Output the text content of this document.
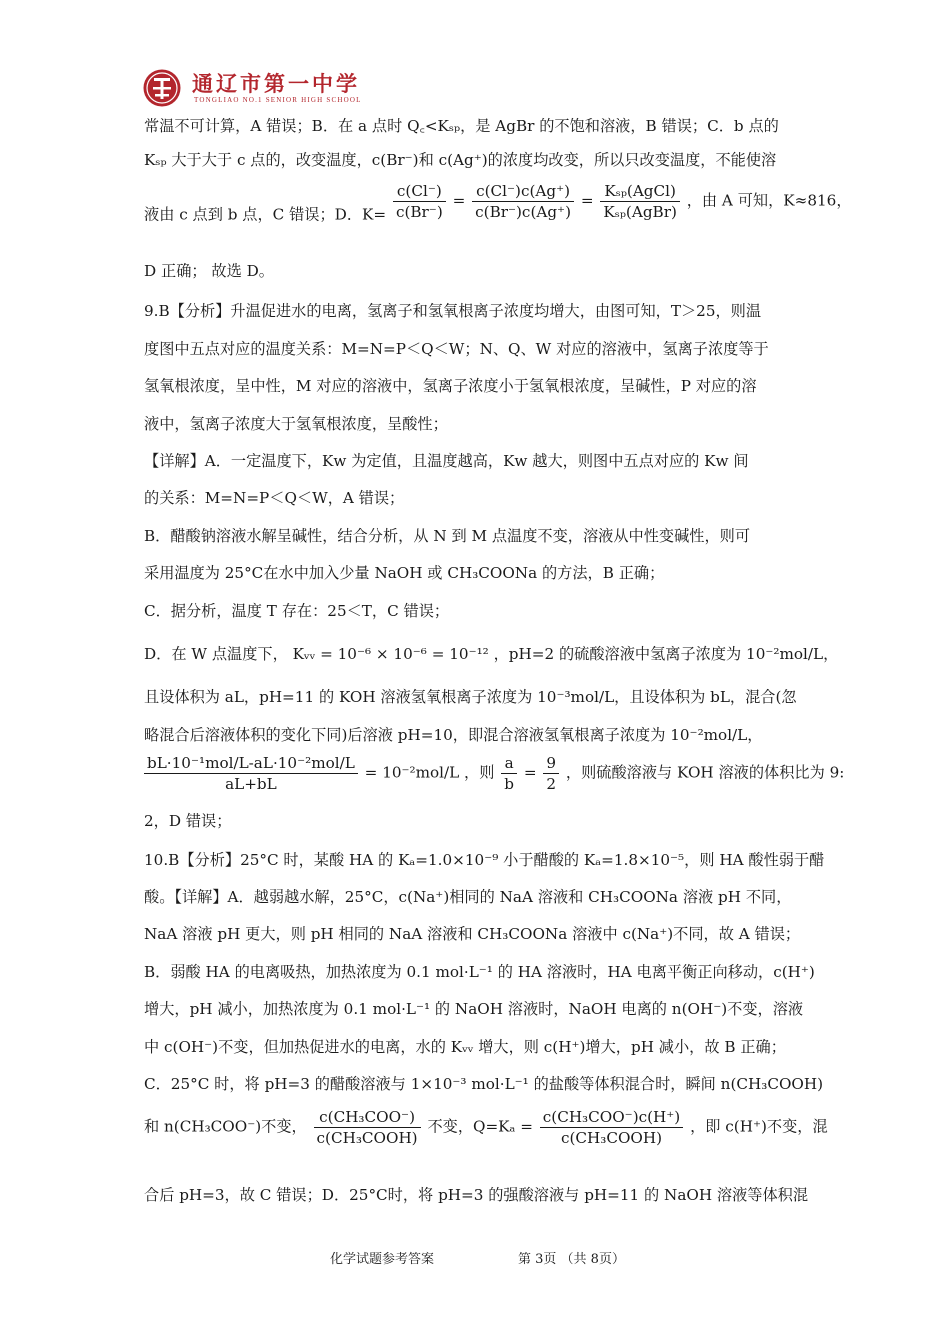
通辽市第一中学
TONGLIAO NO.1 SENIOR HIGH SCHOOL
常温不可计算，A 错误；B．在 a 点时 Q꜀<Kₛₚ，是 AgBr 的不饱和溶液，B 错误；C．b 点的
Kₛₚ 大于大于 c 点的，改变温度，c(Br⁻)和 c(Ag⁺)的浓度均改变，所以只改变温度，不能使溶
液由 c 点到 b 点，C 错误；D．$K= \frac{c(Cl^-)}{c(Br^-)} = \frac{c(Cl^-)c(Ag^+)}{c(Br^-)c(Ag^+)} = \frac{\text{Kₛₚ(AgCl)}}{\text{Kₛₚ(AgBr)}}$ ，由 A 可知，K≈816，
D 正确； 故选 D。
9.B【分析】升温促进水的电离，氢离子和氢氧根离子浓度均增大，由图可知，T＞25，则温
度图中五点对应的温度关系：M=N=P＜Q＜W；N、Q、W 对应的溶液中，氢离子浓度等于
氢氧根浓度，呈中性，M 对应的溶液中，氢离子浓度小于氢氧根浓度，呈碱性，P 对应的溶
液中，氢离子浓度大于氢氧根浓度，呈酸性；
【详解】A．一定温度下，Kw 为定值，且温度越高，Kw 越大，则图中五点对应的 Kw 间
的关系：M=N=P＜Q＜W，A 错误；
B．醋酸钠溶液水解呈碱性，结合分析，从 N 到 M 点温度不变，溶液从中性变碱性，则可
采用温度为 25°C在水中加入少量 NaOH 或 CH₃COONa 的方法，B 正确；
C．据分析，温度 T 存在：25＜T，C 错误；
D．在 W 点温度下， Kᵥᵥ = 10⁻⁶ × 10⁻⁶ = 10⁻¹² ，pH=2 的硫酸溶液中氢离子浓度为 10⁻²mol/L，
且设体积为 aL，pH=11 的 KOH 溶液氢氧根离子浓度为 10⁻³mol/L，且设体积为 bL，混合(忽
略混合后溶液体积的变化下同)后溶液 pH=10，即混合溶液氢氧根离子浓度为 10⁻²mol/L，
$\frac{\text{bL·10⁻¹mol/L-aL·10⁻²mol/L}}{aL+bL} = 10^{-2}mol/L$ ，则 $\frac{a}{b} = \frac{9}{2}$ ，则硫酸溶液与 KOH 溶液的体积比为 9:
2，D 错误；
10.B【分析】25°C 时，某酸 HA 的 Kₐ=1.0×10⁻⁹ 小于醋酸的 Kₐ=1.8×10⁻⁵，则 HA 酸性弱于醋
酸。【详解】A．越弱越水解，25°C，c(Na⁺)相同的 NaA 溶液和 CH₃COONa 溶液 pH 不同，
NaA 溶液 pH 更大，则 pH 相同的 NaA 溶液和 CH₃COONa 溶液中 c(Na⁺)不同，故 A 错误；
B．弱酸 HA 的电离吸热，加热浓度为 0.1 mol·L⁻¹ 的 HA 溶液时，HA 电离平衡正向移动，c(H⁺)
增大，pH 减小，加热浓度为 0.1 mol·L⁻¹ 的 NaOH 溶液时，NaOH 电离的 n(OH⁻)不变，溶液
中 c(OH⁻)不变，但加热促进水的电离，水的 Kᵥᵥ 增大，则 c(H⁺)增大，pH 减小，故 B 正确；
C．25°C 时，将 pH=3 的醋酸溶液与 1×10⁻³ mol·L⁻¹ 的盐酸等体积混合时，瞬间 n(CH₃COOH)
和 n(CH₃COO⁻)不变， $\frac{\text{c(CH₃COO⁻)}}{\text{c(CH₃COOH)}}$ 不变，$Q=K_a = \frac{\text{c(CH₃COO⁻)c(H⁺)}}{\text{c(CH₃COOH)}}$ ，即 c(H⁺)不变，混
合后 pH=3，故 C 错误；D．25°C时，将 pH=3 的强酸溶液与 pH=11 的 NaOH 溶液等体积混
化学试题参考答案	第 3页 （共 8页）
